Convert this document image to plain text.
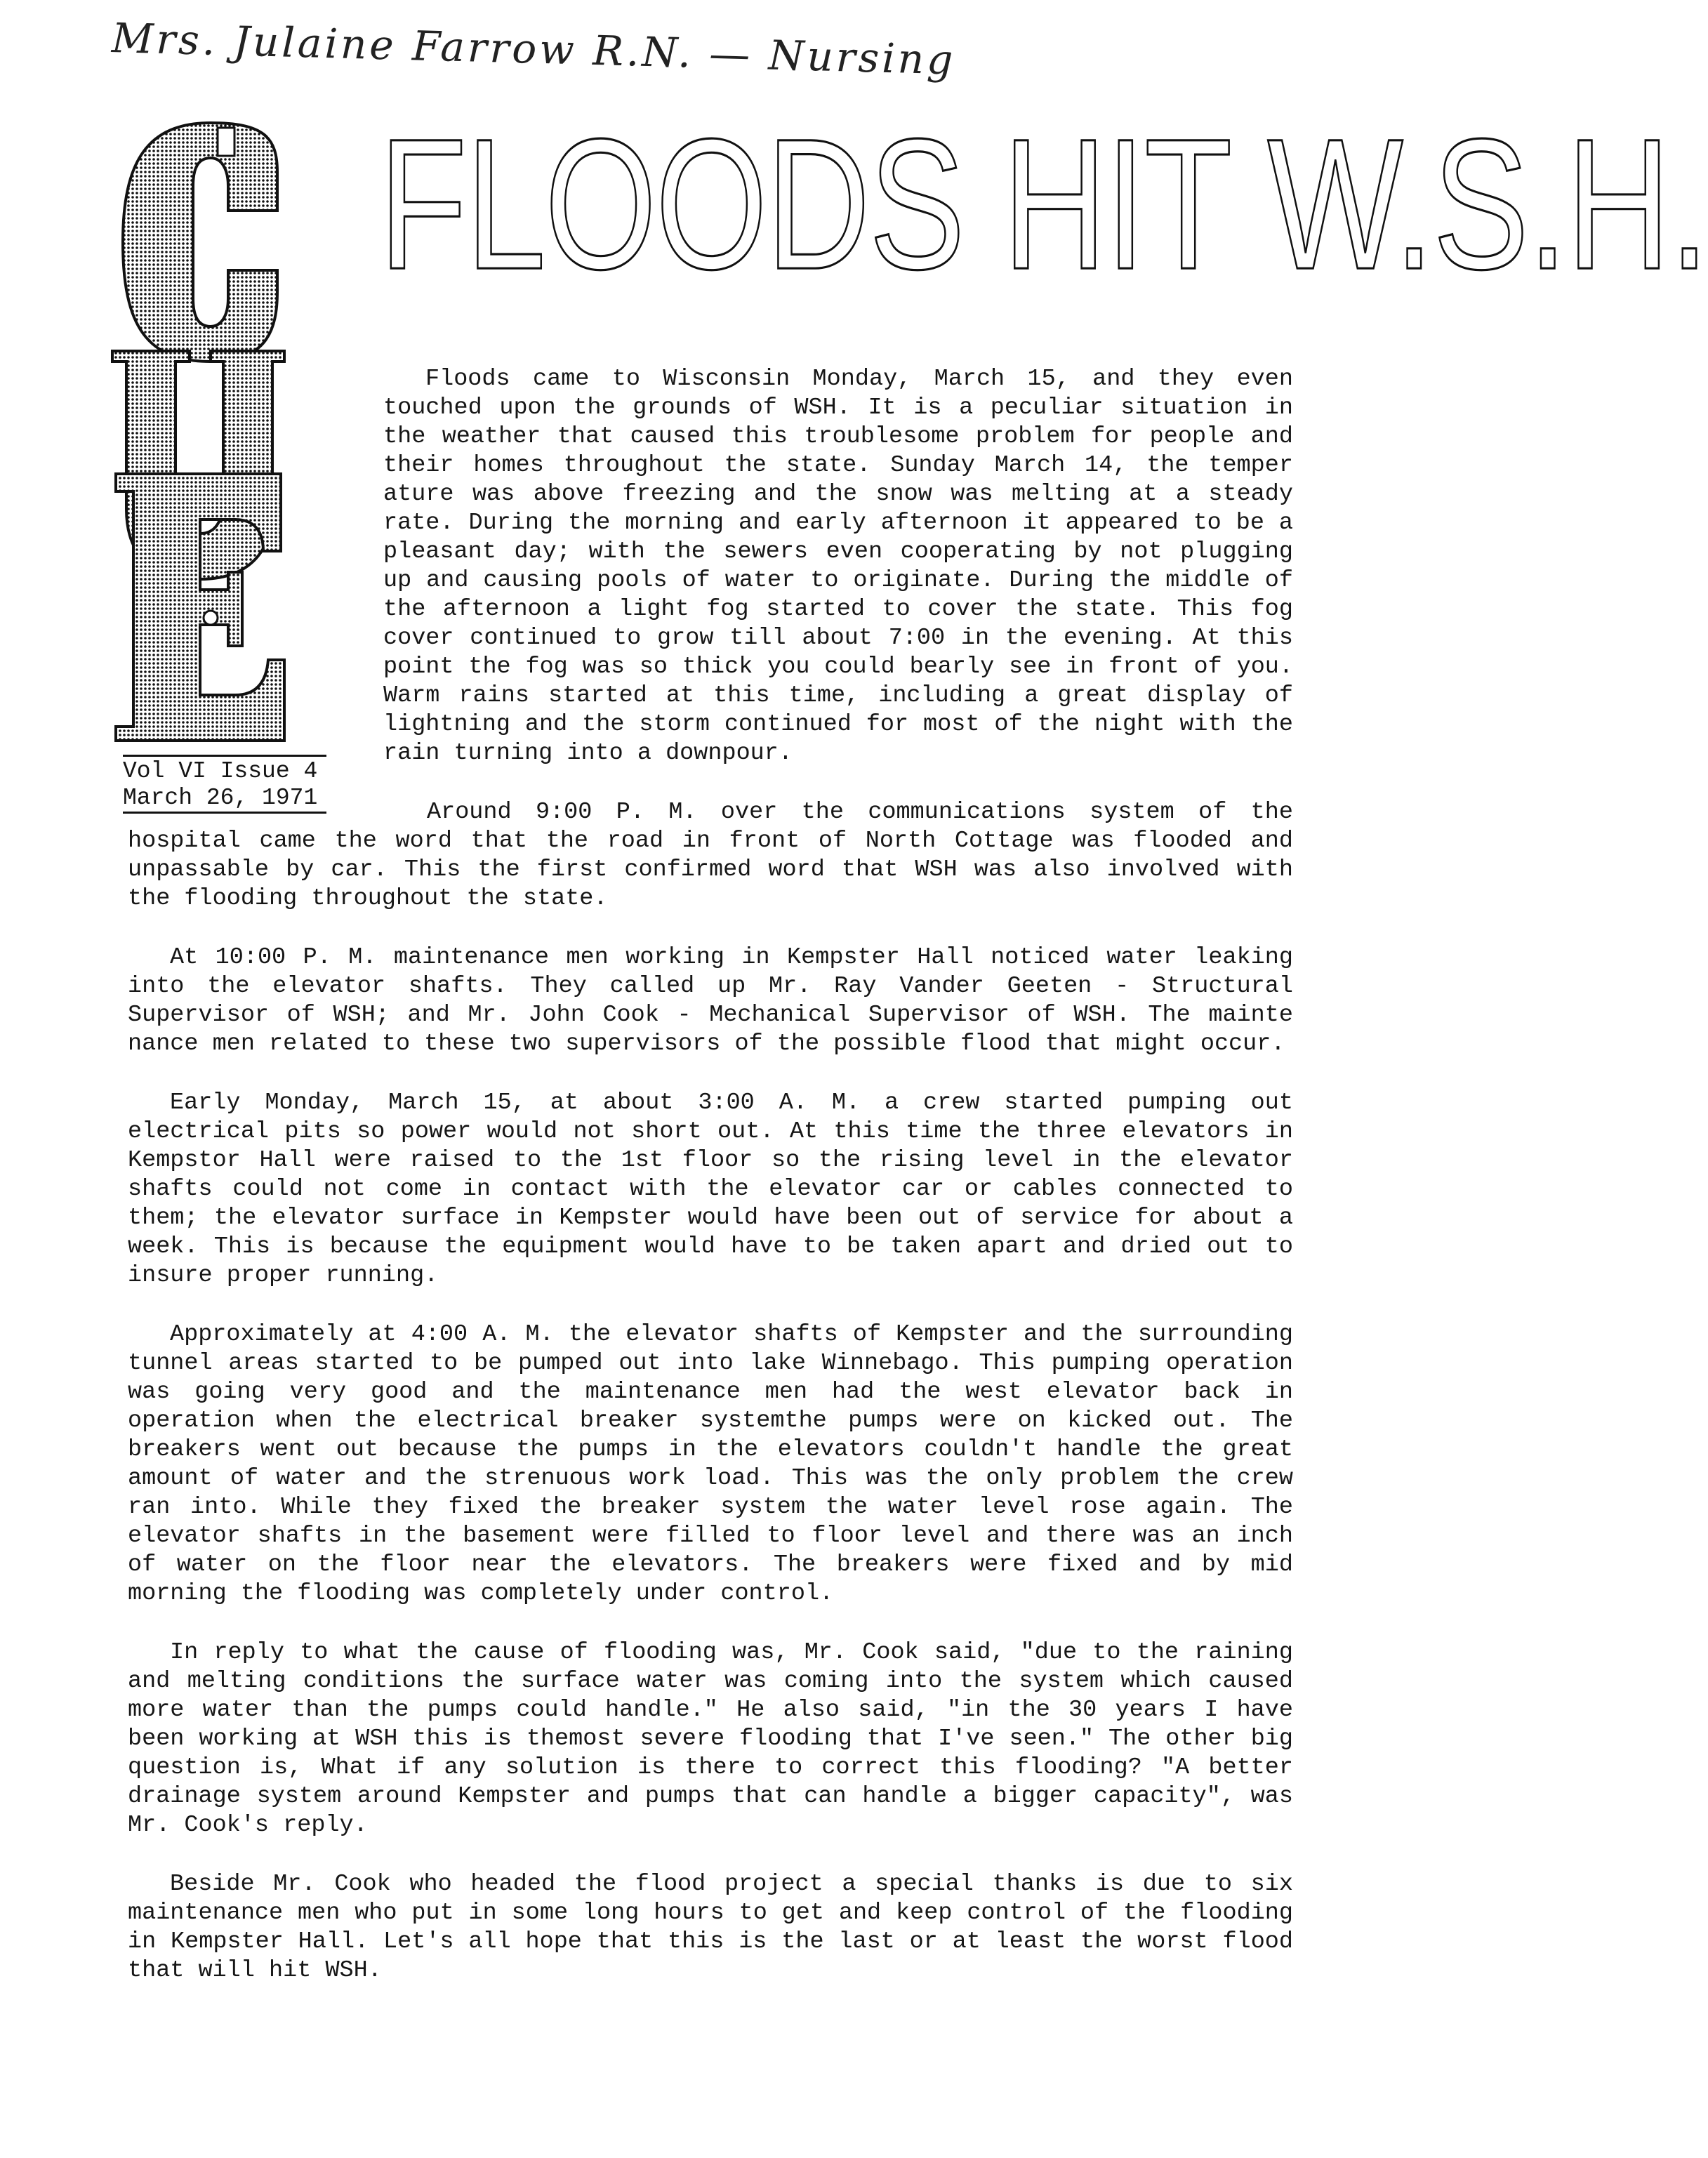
Mrs. Julaine Farrow R.N. — Nursing
FLOODS HIT W.S.H.
Vol VI Issue 4
March 26, 1971

Floods came to Wisconsin Monday, March 15, and they even touched upon the grounds of WSH. It is a peculiar situation in the weather that caused this troublesome problem for people and their homes throughout the state. Sunday March 14, the temper ature was above freezing and the snow was melting at a steady rate. During the morning and early afternoon it appeared to be a pleasant day; with the sewers even cooperating by not plugging up and causing pools of water to originate. During the middle of the afternoon a light fog started to cover the state. This fog cover continued to grow till about 7:00 in the evening. At this point the fog was so thick you could bearly see in front of you. Warm rains started at this time, including a great display of lightning and the storm continued for most of the night with the rain turning into a downpour.

Around 9:00 P. M. over the communications system of the hospital came the word that the road in front of North Cottage was flooded and unpassable by car. This the first confirmed word that WSH was also involved with the flooding throughout the state.

At 10:00 P. M. maintenance men working in Kempster Hall noticed water leaking into the elevator shafts. They called up Mr. Ray Vander Geeten - Structural Supervisor of WSH; and Mr. John Cook - Mechanical Supervisor of WSH. The mainte nance men related to these two supervisors of the possible flood that might occur.

Early Monday, March 15, at about 3:00 A. M. a crew started pumping out electrical pits so power would not short out. At this time the three elevators in Kempstor Hall were raised to the 1st floor so the rising level in the elevator shafts could not come in contact with the elevator car or cables connected to them; the elevator surface in Kempster would have been out of service for about a week. This is because the equipment would have to be taken apart and dried out to insure proper running.

Approximately at 4:00 A. M. the elevator shafts of Kempster and the surrounding tunnel areas started to be pumped out into lake Winnebago. This pumping operation was going very good and the maintenance men had the west elevator back in operation when the electrical breaker systemthe pumps were on kicked out. The breakers went out because the pumps in the elevators couldn't handle the great amount of water and the strenuous work load. This was the only problem the crew ran into. While they fixed the breaker system the water level rose again. The elevator shafts in the basement were filled to floor level and there was an inch of water on the floor near the elevators. The breakers were fixed and by mid morning the flooding was completely under control.

In reply to what the cause of flooding was, Mr. Cook said, "due to the raining and melting conditions the surface water was coming into the system which caused more water than the pumps could handle." He also said, "in the 30 years I have been working at WSH this is themost severe flooding that I've seen." The other big question is, What if any solution is there to correct this flooding? "A better drainage system around Kempster and pumps that can handle a bigger capacity", was Mr. Cook's reply.

Beside Mr. Cook who headed the flood project a special thanks is due to six maintenance men who put in some long hours to get and keep control of the flooding in Kempster Hall. Let's all hope that this is the last or at least the worst flood that will hit WSH.
